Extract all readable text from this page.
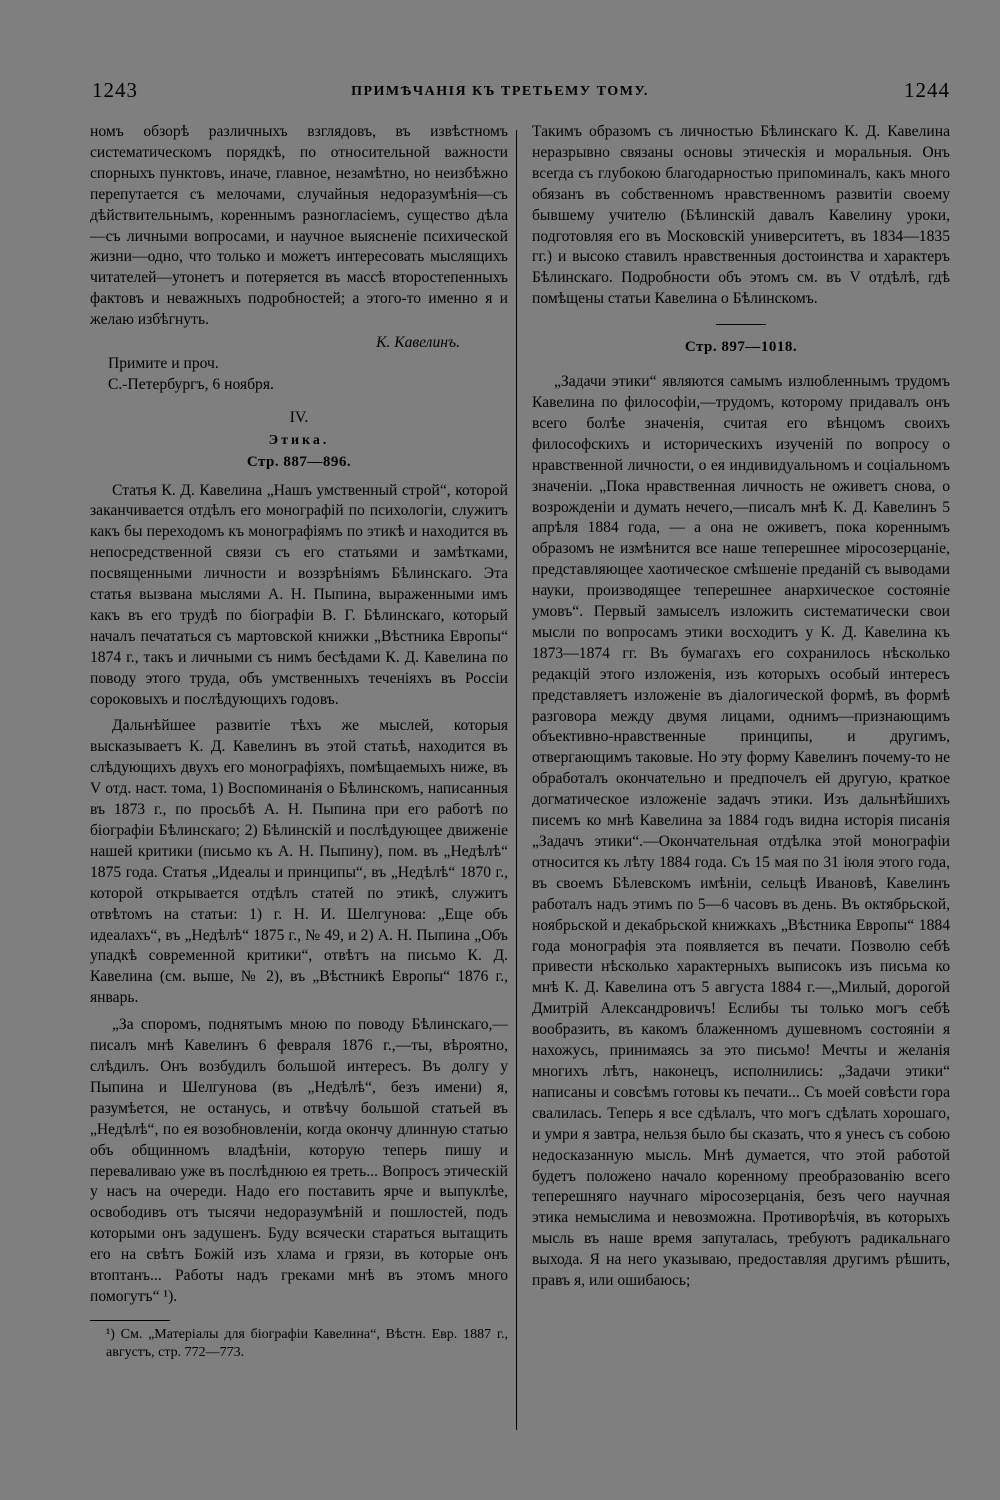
1243	ПРИМѢЧАНІЯ КЪ ТРЕТЬЕМУ ТОМУ.	1244

номъ обзорѣ различныхъ взглядовъ, въ извѣстномъ систематическомъ порядкѣ, по относительной важности спорныхъ пунктовъ, иначе, главное, незамѣтно, но неизбѣжно перепутается съ мелочами, случайныя недоразумѣнія—съ дѣйствительнымъ, кореннымъ разногласіемъ, существо дѣла—съ личными вопросами, и научное выясненіе психической жизни—одно, что только и можетъ интересовать мыслящихъ читателей—утонетъ и потеряется въ массѣ второстепенныхъ фактовъ и неважныхъ подробностей; а этого-то именно я и желаю избѣгнуть.

К. Кавелинъ.

Примите и проч.

С.-Петербургъ, 6 ноября.

IV.

Этика.

Стр. 887—896.

Статья К. Д. Кавелина „Нашъ умственный строй“, которой заканчивается отдѣлъ его монографій по психологіи, служитъ какъ бы переходомъ къ монографіямъ по этикѣ и находится въ непосредственной связи съ его статьями и замѣтками, посвященными личности и воззрѣніямъ Бѣлинскаго. Эта статья вызвана мыслями А. Н. Пыпина, выраженными имъ какъ въ его трудѣ по біографіи В. Г. Бѣлинскаго, который началъ печататься съ мартовской книжки „Вѣстника Европы“ 1874 г., такъ и личными съ нимъ бесѣдами К. Д. Кавелина по поводу этого труда, объ умственныхъ теченіяхъ въ Россіи сороковыхъ и послѣдующихъ годовъ.

Дальнѣйшее развитіе тѣхъ же мыслей, которыя высказываетъ К. Д. Кавелинъ въ этой статьѣ, находится въ слѣдующихъ двухъ его монографіяхъ, помѣщаемыхъ ниже, въ V отд. наст. тома, 1) Воспоминанія о Бѣлинскомъ, написанныя въ 1873 г., по просьбѣ А. Н. Пыпина при его работѣ по біографіи Бѣлинскаго; 2) Бѣлинскій и послѣдующее движеніе нашей критики (письмо къ А. Н. Пыпину), пом. въ „Недѣлѣ“ 1875 года. Статья „Идеалы и принципы“, въ „Недѣлѣ“ 1870 г., которой открывается отдѣлъ статей по этикѣ, служитъ отвѣтомъ на статьи: 1) г. Н. И. Шелгунова: „Еще объ идеалахъ“, въ „Недѣлѣ“ 1875 г., № 49, и 2) А. Н. Пыпина „Объ упадкѣ современной критики“, отвѣтъ на письмо К. Д. Кавелина (см. выше, № 2), въ „Вѣстникѣ Европы“ 1876 г., январь.

„За споромъ, поднятымъ мною по поводу Бѣлинскаго,—писалъ мнѣ Кавелинъ 6 февраля 1876 г.,—ты, вѣроятно, слѣдилъ. Онъ возбудилъ большой интересъ. Въ долгу у Пыпина и Шелгунова (въ „Недѣлѣ“, безъ имени) я, разумѣется, не останусь, и отвѣчу большой статьей въ „Недѣлѣ“, по ея возобновленіи, когда окончу длинную статью объ общинномъ владѣніи, которую теперь пишу и переваливаю уже въ послѣднюю ея треть... Вопросъ этическій у насъ на очереди. Надо его поставить ярче и выпуклѣе, освободивъ отъ тысячи недоразумѣній и пошлостей, подъ которыми онъ задушенъ. Буду всячески стараться вытащить его на свѣтъ Божій изъ хлама и грязи, въ которые онъ втоптанъ... Работы надъ греками мнѣ въ этомъ много помогутъ“ ¹).

¹) См. „Матеріалы для біографіи Кавелина“, Вѣстн. Евр. 1887 г., августъ, стр. 772—773.

Такимъ образомъ съ личностью Бѣлинскаго К. Д. Кавелина неразрывно связаны основы этическія и моральныя. Онъ всегда съ глубокою благодарностью припоминалъ, какъ много обязанъ въ собственномъ нравственномъ развитіи своему бывшему учителю (Бѣлинскій давалъ Кавелину уроки, подготовляя его въ Московскій университетъ, въ 1834—1835 гг.) и высоко ставилъ нравственныя достоинства и характеръ Бѣлинскаго. Подробности объ этомъ см. въ V отдѣлѣ, гдѣ помѣщены статьи Кавелина о Бѣлинскомъ.

Стр. 897—1018.

„Задачи этики“ являются самымъ излюбленнымъ трудомъ Кавелина по философіи,—трудомъ, которому придавалъ онъ всего болѣе значенія, считая его вѣнцомъ своихъ философскихъ и историческихъ изученій по вопросу о нравственной личности, о ея индивидуальномъ и соціальномъ значеніи. „Пока нравственная личность не оживетъ снова, о возрожденіи и думать нечего,—писалъ мнѣ К. Д. Кавелинъ 5 апрѣля 1884 года, — а она не оживетъ, пока кореннымъ образомъ не измѣнится все наше теперешнее міросозерцаніе, представляющее хаотическое смѣшеніе преданій съ выводами науки, производящее теперешнее анархическое состояніе умовъ“. Первый замыселъ изложить систематически свои мысли по вопросамъ этики восходитъ у К. Д. Кавелина къ 1873—1874 гг. Въ бумагахъ его сохранилось нѣсколько редакцій этого изложенія, изъ которыхъ особый интересъ представляетъ изложеніе въ діалогической формѣ, въ формѣ разговора между двумя лицами, однимъ—признающимъ объективно-нравственные принципы, и другимъ, отвергающимъ таковые. Но эту форму Кавелинъ почему-то не обработалъ окончательно и предпочелъ ей другую, краткое догматическое изложеніе задачъ этики. Изъ дальнѣйшихъ писемъ ко мнѣ Кавелина за 1884 годъ видна исторія писанія „Задачъ этики“.—Окончательная отдѣлка этой монографіи относится къ лѣту 1884 года. Съ 15 мая по 31 іюля этого года, въ своемъ Бѣлевскомъ имѣніи, сельцѣ Ивановѣ, Кавелинъ работалъ надъ этимъ по 5—6 часовъ въ день. Въ октябрьской, ноябрьской и декабрьской книжкахъ „Вѣстника Европы“ 1884 года монографія эта появляется въ печати. Позволю себѣ привести нѣсколько характерныхъ выписокъ изъ письма ко мнѣ К. Д. Кавелина отъ 5 августа 1884 г.—„Милый, дорогой Дмитрій Александровичъ! Еслибы ты только могъ себѣ вообразить, въ какомъ блаженномъ душевномъ состояніи я нахожусь, принимаясь за это письмо! Мечты и желанія многихъ лѣтъ, наконецъ, исполнились: „Задачи этики“ написаны и совсѣмъ готовы къ печати... Съ моей совѣсти гора свалилась. Теперь я все сдѣлалъ, что могъ сдѣлать хорошаго, и умри я завтра, нельзя было бы сказать, что я унесъ съ собою недосказанную мысль. Мнѣ думается, что этой работой будетъ положено начало коренному преобразованію всего теперешняго научнаго міросозерцанія, безъ чего научная этика немыслима и невозможна. Противорѣчія, въ которыхъ мысль въ наше время запуталась, требуютъ радикальнаго выхода. Я на него указываю, предоставляя другимъ рѣшить, правъ я, или ошибаюсь;
